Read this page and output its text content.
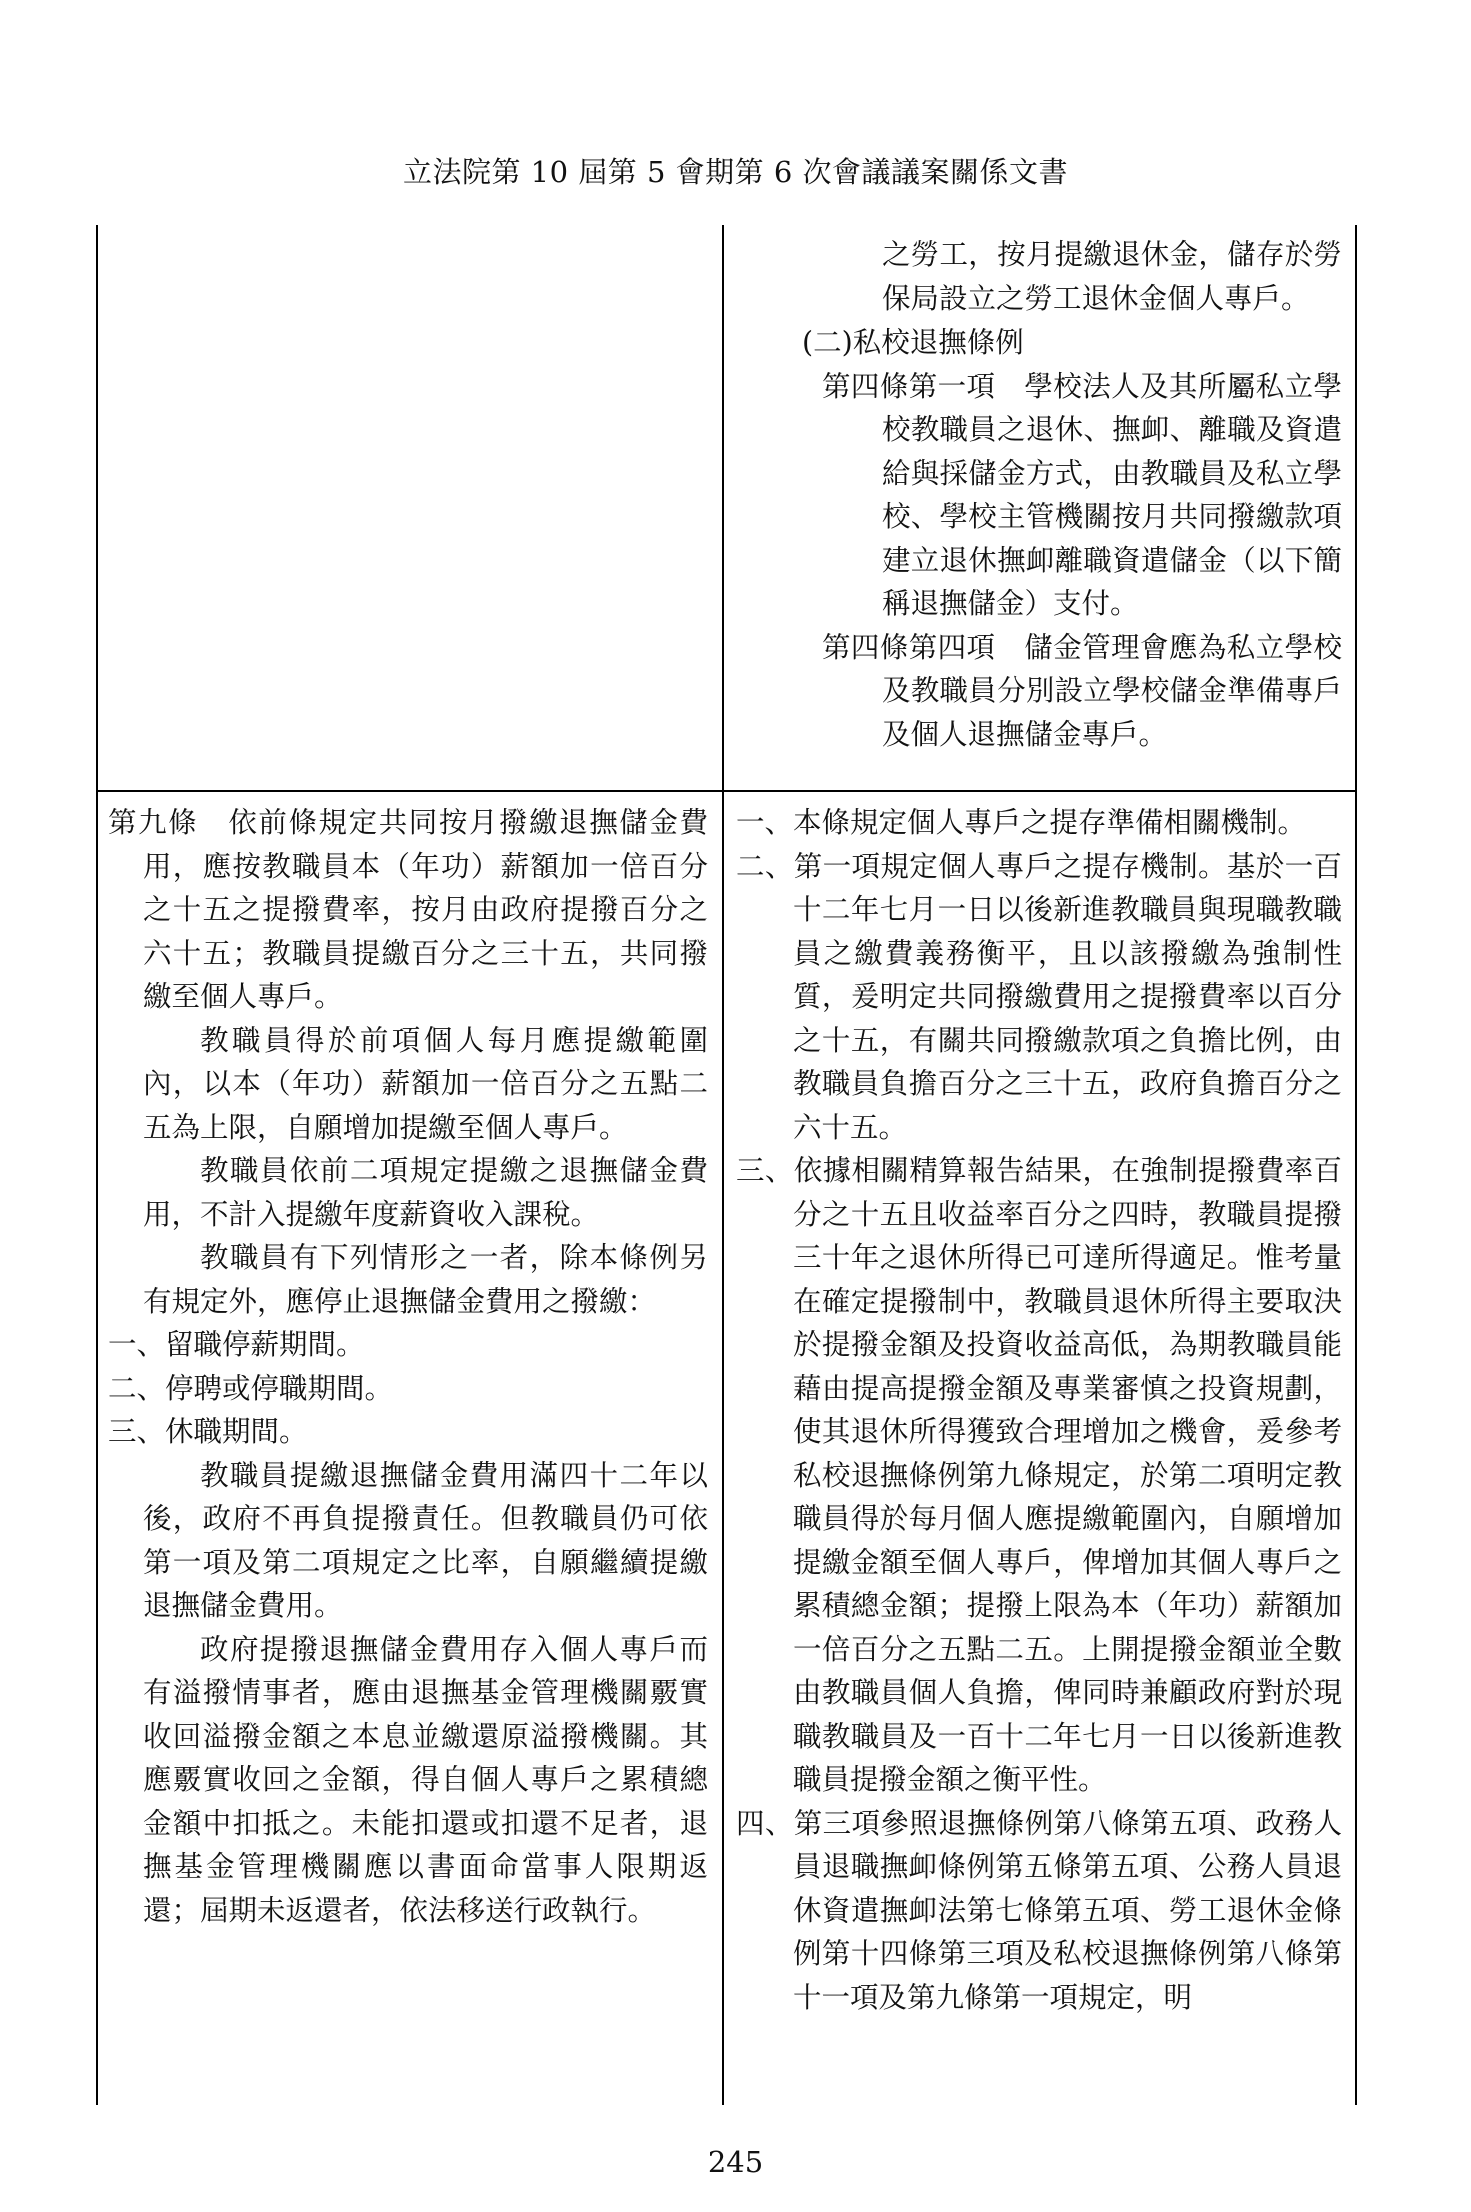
立法院第 10 屆第 5 會期第 6 次會議議案關係文書

之勞工，按月提繳退休金，儲存於勞保局設立之勞工退休金個人專戶。

(二)私校退撫條例

第四條第一項　學校法人及其所屬私立學校教職員之退休、撫卹、離職及資遣給與採儲金方式，由教職員及私立學校、學校主管機關按月共同撥繳款項建立退休撫卹離職資遣儲金（以下簡稱退撫儲金）支付。

第四條第四項　儲金管理會應為私立學校及教職員分別設立學校儲金準備專戶及個人退撫儲金專戶。

第九條　依前條規定共同按月撥繳退撫儲金費用，應按教職員本（年功）薪額加一倍百分之十五之提撥費率，按月由政府提撥百分之六十五；教職員提繳百分之三十五，共同撥繳至個人專戶。

教職員得於前項個人每月應提繳範圍內，以本（年功）薪額加一倍百分之五點二五為上限，自願增加提繳至個人專戶。

教職員依前二項規定提繳之退撫儲金費用，不計入提繳年度薪資收入課稅。

教職員有下列情形之一者，除本條例另有規定外，應停止退撫儲金費用之撥繳：

一、留職停薪期間。

二、停聘或停職期間。

三、休職期間。

教職員提繳退撫儲金費用滿四十二年以後，政府不再負提撥責任。但教職員仍可依第一項及第二項規定之比率，自願繼續提繳退撫儲金費用。

政府提撥退撫儲金費用存入個人專戶而有溢撥情事者，應由退撫基金管理機關覈實收回溢撥金額之本息並繳還原溢撥機關。其應覈實收回之金額，得自個人專戶之累積總金額中扣抵之。未能扣還或扣還不足者，退撫基金管理機關應以書面命當事人限期返還；屆期未返還者，依法移送行政執行。

一、本條規定個人專戶之提存準備相關機制。

二、第一項規定個人專戶之提存機制。基於一百十二年七月一日以後新進教職員與現職教職員之繳費義務衡平，且以該撥繳為強制性質，爰明定共同撥繳費用之提撥費率以百分之十五，有關共同撥繳款項之負擔比例，由教職員負擔百分之三十五，政府負擔百分之六十五。

三、依據相關精算報告結果，在強制提撥費率百分之十五且收益率百分之四時，教職員提撥三十年之退休所得已可達所得適足。惟考量在確定提撥制中，教職員退休所得主要取決於提撥金額及投資收益高低，為期教職員能藉由提高提撥金額及專業審慎之投資規劃，使其退休所得獲致合理增加之機會，爰參考私校退撫條例第九條規定，於第二項明定教職員得於每月個人應提繳範圍內，自願增加提繳金額至個人專戶，俾增加其個人專戶之累積總金額；提撥上限為本（年功）薪額加一倍百分之五點二五。上開提撥金額並全數由教職員個人負擔，俾同時兼顧政府對於現職教職員及一百十二年七月一日以後新進教職員提撥金額之衡平性。

四、第三項參照退撫條例第八條第五項、政務人員退職撫卹條例第五條第五項、公務人員退休資遣撫卹法第七條第五項、勞工退休金條例第十四條第三項及私校退撫條例第八條第十一項及第九條第一項規定，明

245
